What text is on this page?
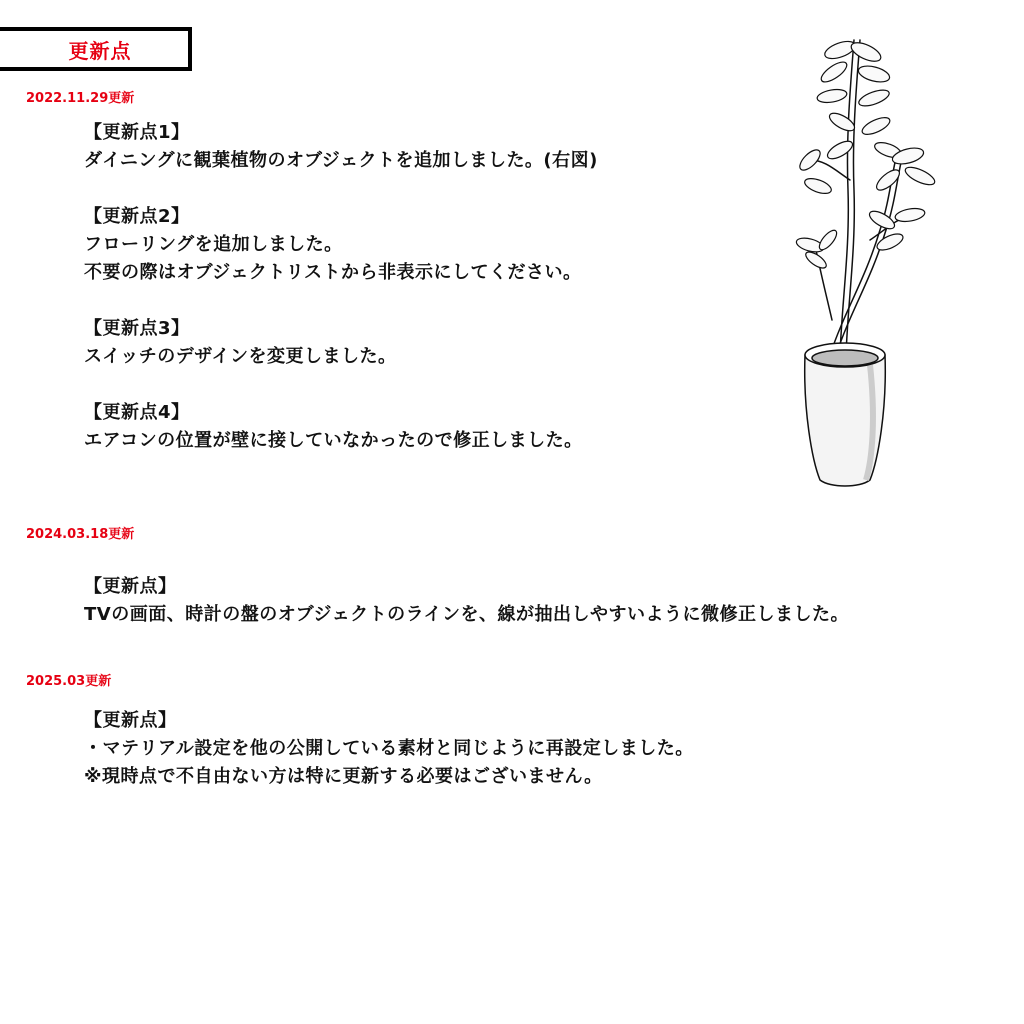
更新点
2022.11.29更新
【更新点1】
ダイニングに観葉植物のオブジェクトを追加しました。(右図)
【更新点2】
フローリングを追加しました。
不要の際はオブジェクトリストから非表示にしてください。
【更新点3】
スイッチのデザインを変更しました。
【更新点4】
エアコンの位置が壁に接していなかったので修正しました。
2024.03.18更新
【更新点】
TVの画面、時計の盤のオブジェクトのラインを、線が抽出しやすいように微修正しました。
2025.03更新
【更新点】
・マテリアル設定を他の公開している素材と同じように再設定しました。
※現時点で不自由ない方は特に更新する必要はございません。
